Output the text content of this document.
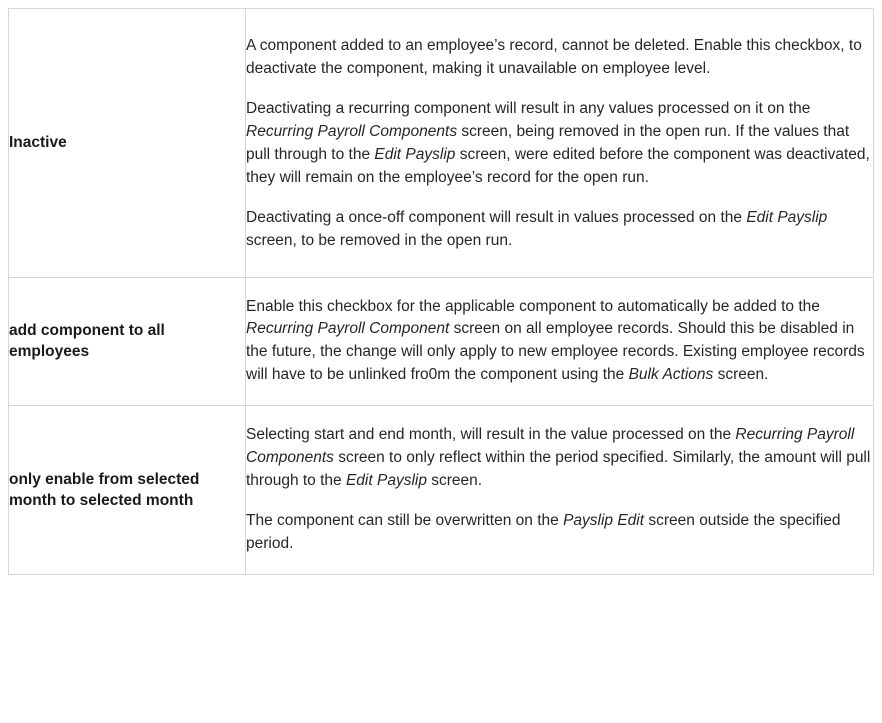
Inactive	A component added to an employee’s record, cannot be deleted. Enable this checkbox, to deactivate the component, making it unavailable on employee level.

Deactivating a recurring component will result in any values processed on it on the Recurring Payroll Components screen, being removed in the open run. If the values that pull through to the Edit Payslip screen, were edited before the component was deactivated, they will remain on the employee’s record for the open run.

Deactivating a once-off component will result in values processed on the Edit Payslip screen, to be removed in the open run.

add component to all employees	Enable this checkbox for the applicable component to automatically be added to the Recurring Payroll Component screen on all employee records. Should this be disabled in the future, the change will only apply to new employee records. Existing employee records will have to be unlinked fro0m the component using the Bulk Actions screen.

only enable from selected month to selected month	Selecting start and end month, will result in the value processed on the Recurring Payroll Components screen to only reflect within the period specified. Similarly, the amount will pull through to the Edit Payslip screen.

The component can still be overwritten on the Payslip Edit screen outside the specified period.
